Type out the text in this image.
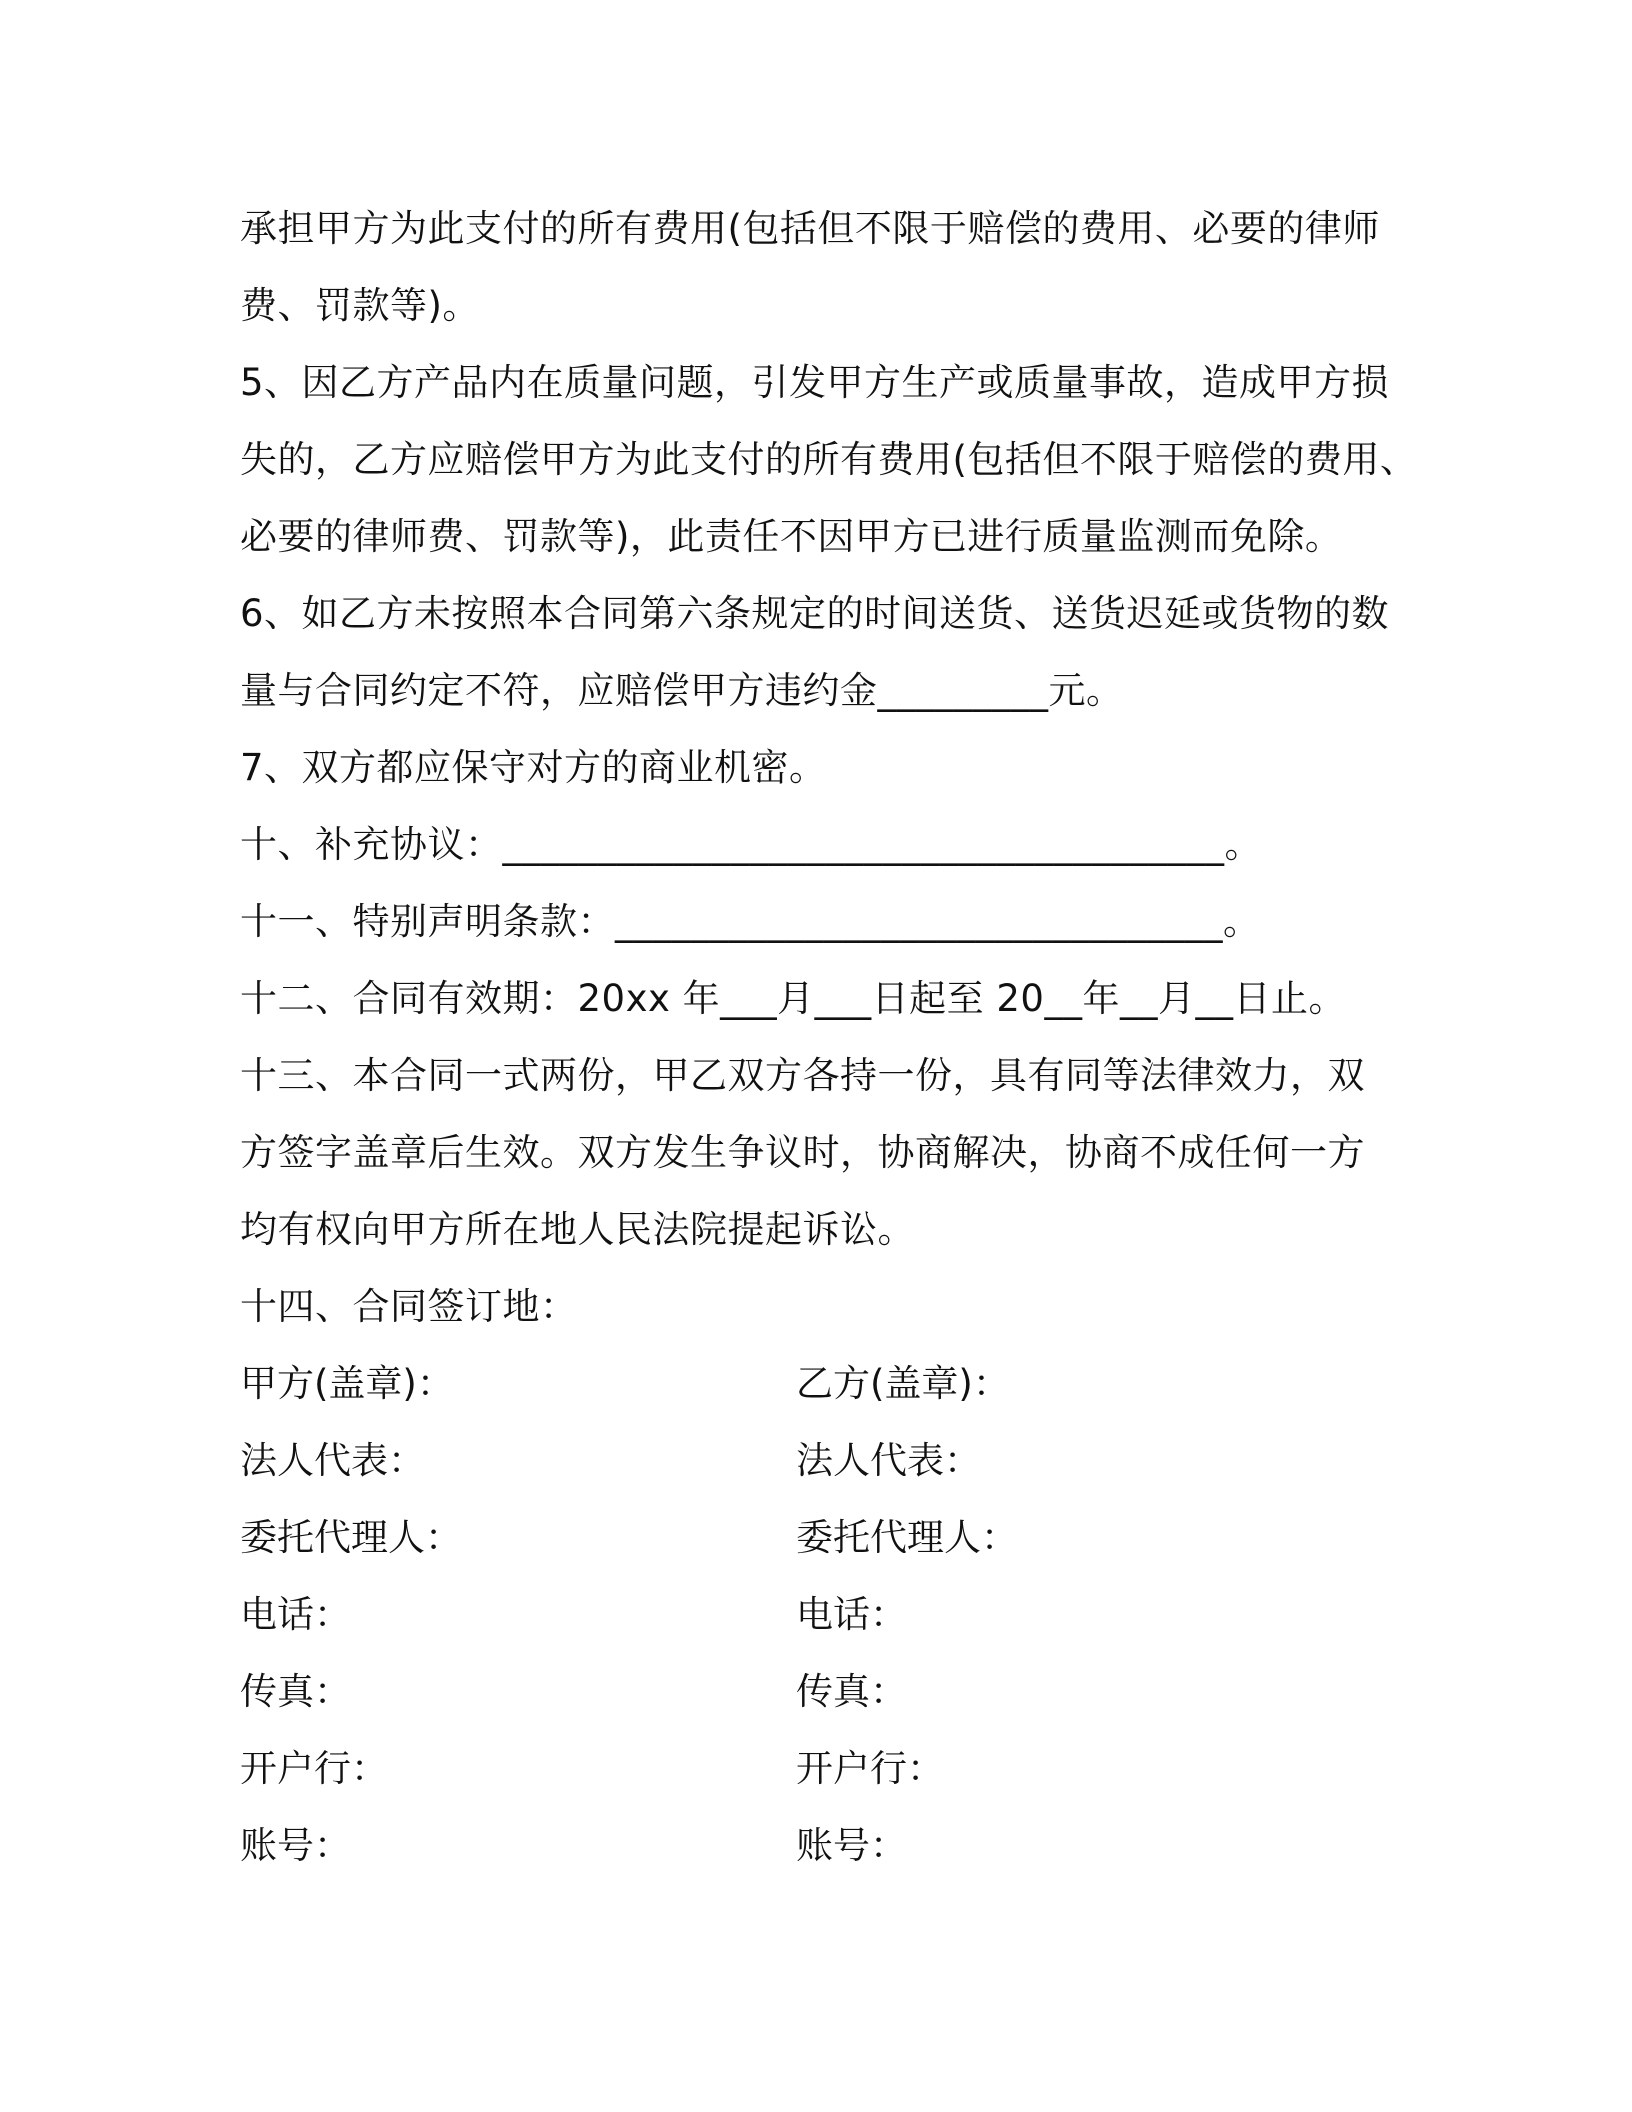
承担甲方为此支付的所有费用(包括但不限于赔偿的费用、必要的律师
费、罚款等)。
5、因乙方产品内在质量问题，引发甲方生产或质量事故，造成甲方损
失的，乙方应赔偿甲方为此支付的所有费用(包括但不限于赔偿的费用、
必要的律师费、罚款等)，此责任不因甲方已进行质量监测而免除。
6、如乙方未按照本合同第六条规定的时间送货、送货迟延或货物的数
量与合同约定不符，应赔偿甲方违约金_________元。
7、双方都应保守对方的商业机密。
十、补充协议：______________________________________。
十一、特别声明条款：________________________________。
十二、合同有效期：20xx 年___月___日起至 20__年__月__日止。
十三、本合同一式两份，甲乙双方各持一份，具有同等法律效力，双
方签字盖章后生效。双方发生争议时，协商解决，协商不成任何一方
均有权向甲方所在地人民法院提起诉讼。
十四、合同签订地：
甲方(盖章)：	乙方(盖章)：
法人代表：	法人代表：
委托代理人：	委托代理人：
电话：	电话：
传真：	传真：
开户行：	开户行：
账号：	账号：
